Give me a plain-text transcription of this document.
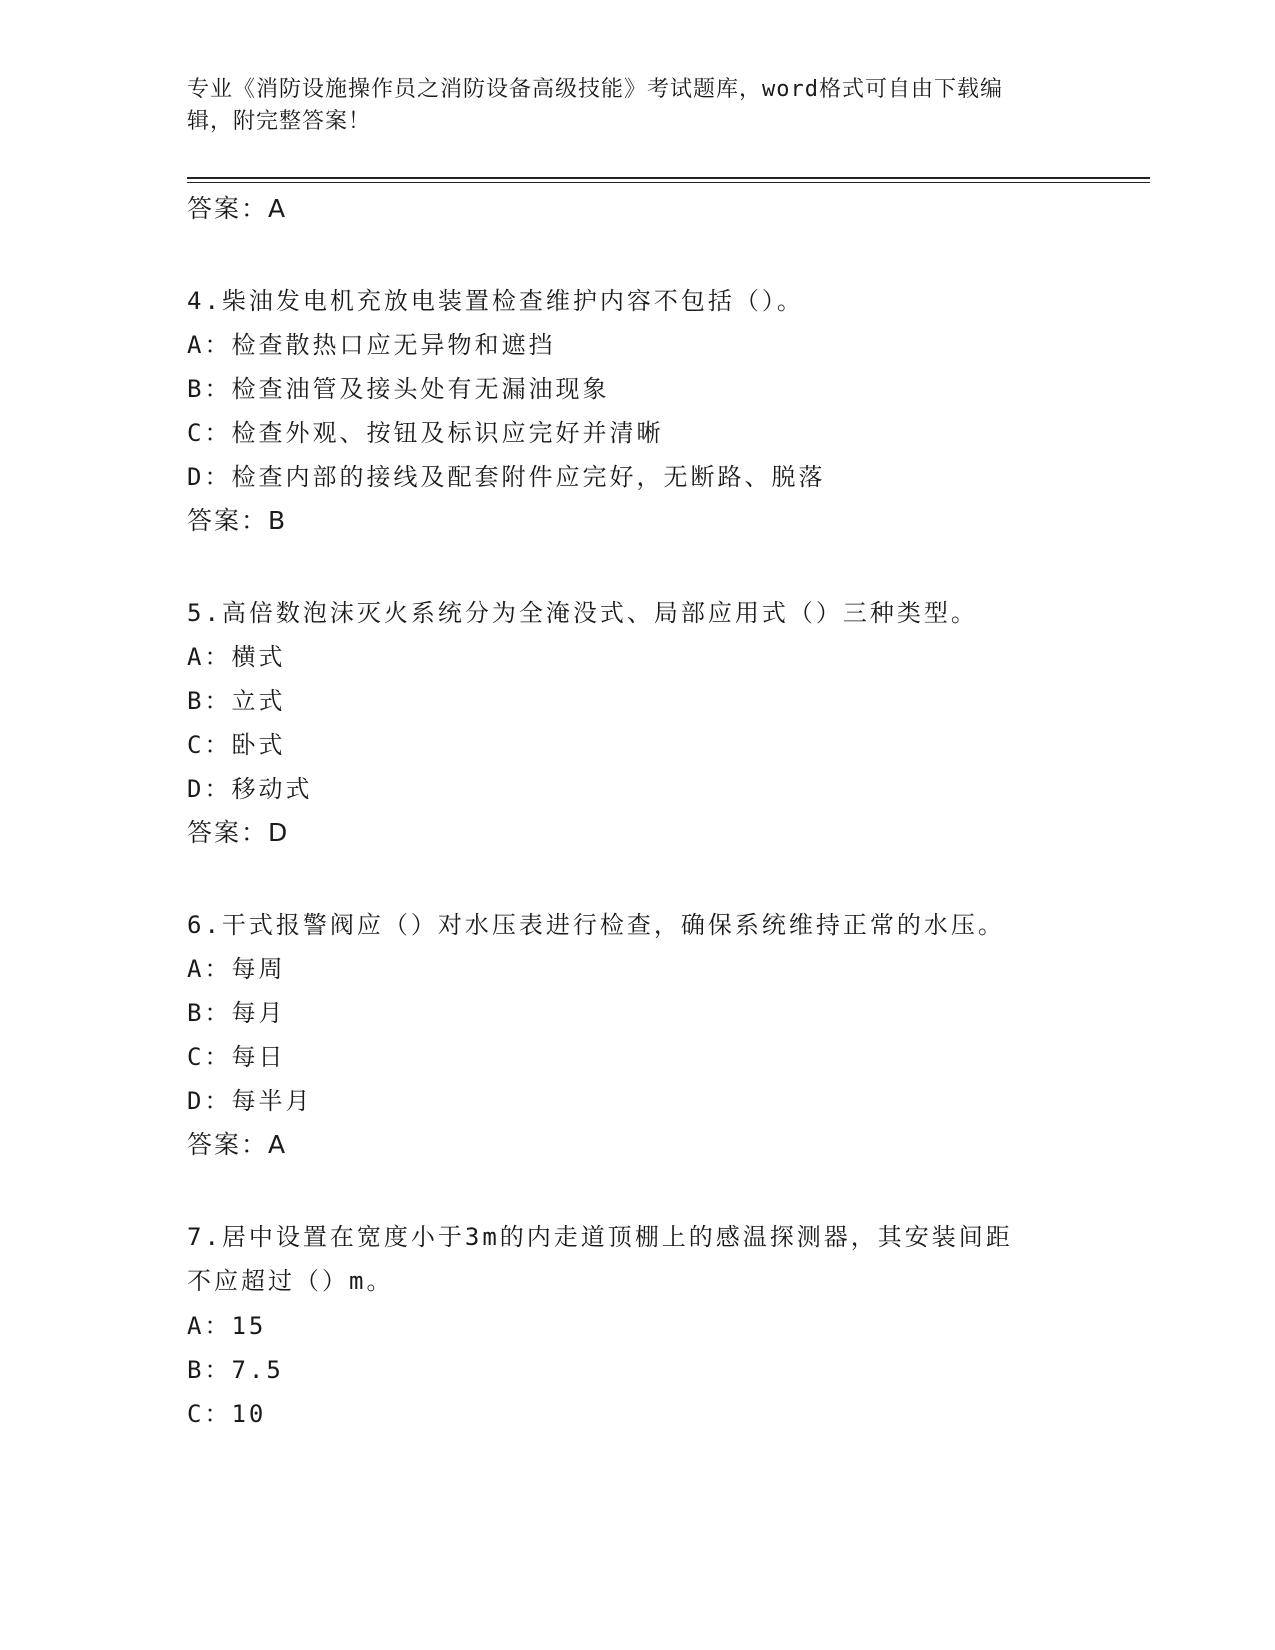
专业《消防设施操作员之消防设备高级技能》考试题库，word格式可自由下载编
辑，附完整答案！
答案：A
4.柴油发电机充放电装置检查维护内容不包括（）。
A：检查散热口应无异物和遮挡
B：检查油管及接头处有无漏油现象
C：检查外观、按钮及标识应完好并清晰
D：检查内部的接线及配套附件应完好，无断路、脱落
答案：B
5.高倍数泡沫灭火系统分为全淹没式、局部应用式（）三种类型。
A：横式
B：立式
C：卧式
D：移动式
答案：D
6.干式报警阀应（）对水压表进行检查，确保系统维持正常的水压。
A：每周
B：每月
C：每日
D：每半月
答案：A
7.居中设置在宽度小于3m的内走道顶棚上的感温探测器，其安装间距
不应超过（）m。
A：15
B：7.5
C：10
